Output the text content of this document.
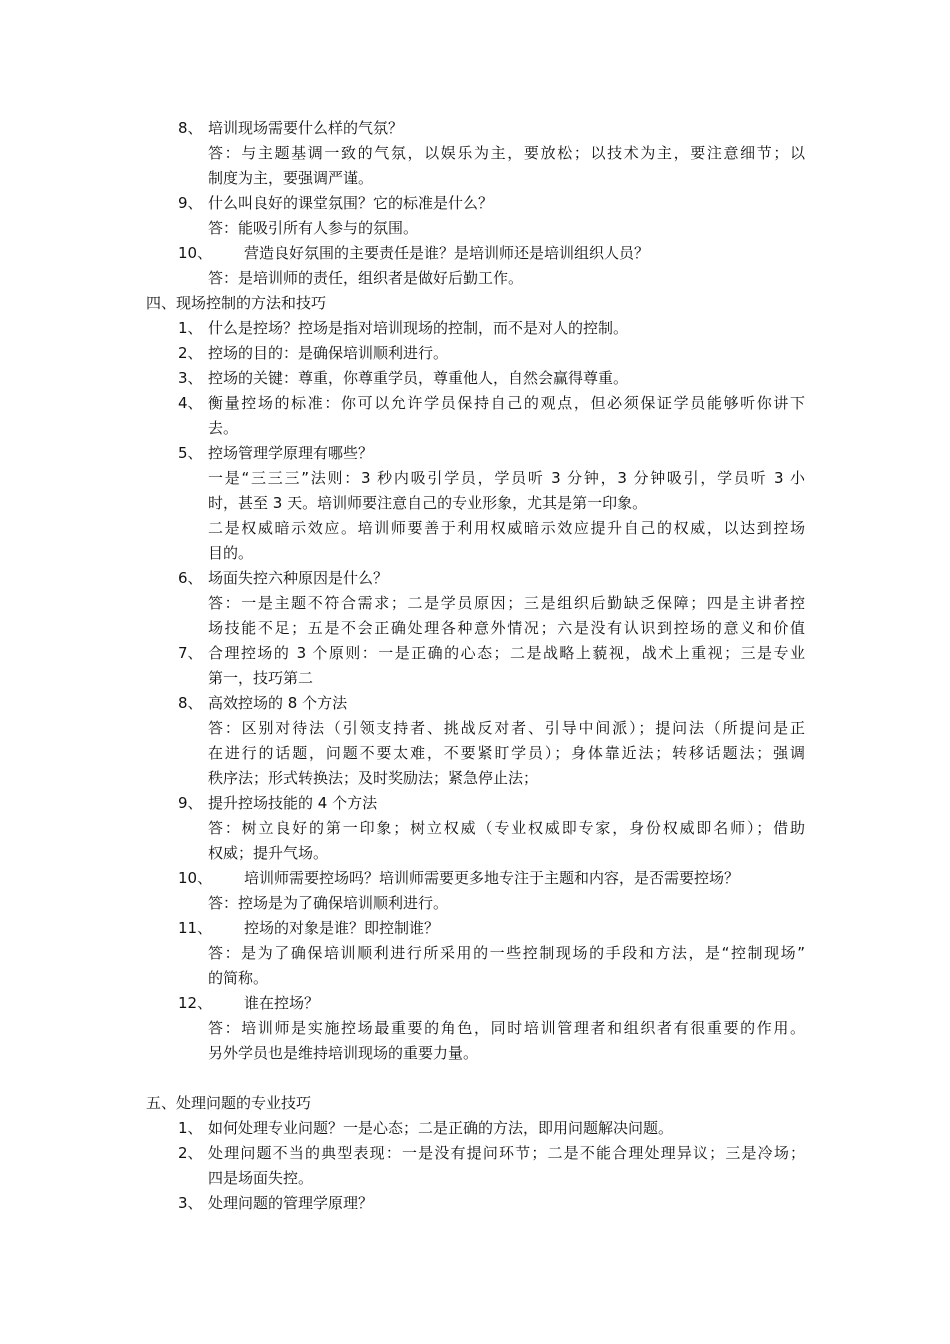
8、 培训现场需要什么样的气氛？
答：与主题基调一致的气氛，以娱乐为主，要放松；以技术为主，要注意细节；以
制度为主，要强调严谨。
9、 什么叫良好的课堂氛围？它的标准是什么？
答：能吸引所有人参与的氛围。
10、 营造良好氛围的主要责任是谁？是培训师还是培训组织人员？
答：是培训师的责任，组织者是做好后勤工作。
四、现场控制的方法和技巧
1、 什么是控场？控场是指对培训现场的控制，而不是对人的控制。
2、 控场的目的：是确保培训顺利进行。
3、 控场的关键：尊重，你尊重学员，尊重他人，自然会赢得尊重。
4、 衡量控场的标准：你可以允许学员保持自己的观点，但必须保证学员能够听你讲下
去。
5、 控场管理学原理有哪些？
一是“三三三”法则：3 秒内吸引学员，学员听 3 分钟，3 分钟吸引，学员听 3 小
时，甚至 3 天。培训师要注意自己的专业形象，尤其是第一印象。
二是权威暗示效应。培训师要善于利用权威暗示效应提升自己的权威，以达到控场
目的。
6、 场面失控六种原因是什么？
答：一是主题不符合需求；二是学员原因；三是组织后勤缺乏保障；四是主讲者控
场技能不足；五是不会正确处理各种意外情况；六是没有认识到控场的意义和价值
7、 合理控场的 3 个原则：一是正确的心态；二是战略上藐视，战术上重视；三是专业
第一，技巧第二
8、 高效控场的 8 个方法
答：区别对待法（引领支持者、挑战反对者、引导中间派）；提问法（所提问是正
在进行的话题，问题不要太难，不要紧盯学员）；身体靠近法；转移话题法；强调
秩序法；形式转换法；及时奖励法；紧急停止法；
9、 提升控场技能的 4 个方法
答：树立良好的第一印象；树立权威（专业权威即专家，身份权威即名师）；借助
权威；提升气场。
10、 培训师需要控场吗？培训师需要更多地专注于主题和内容，是否需要控场？
答：控场是为了确保培训顺利进行。
11、 控场的对象是谁？即控制谁？
答：是为了确保培训顺利进行所采用的一些控制现场的手段和方法，是“控制现场”
的简称。
12、 谁在控场？
答：培训师是实施控场最重要的角色，同时培训管理者和组织者有很重要的作用。
另外学员也是维持培训现场的重要力量。
五、处理问题的专业技巧
1、 如何处理专业问题？一是心态；二是正确的方法，即用问题解决问题。
2、 处理问题不当的典型表现：一是没有提问环节；二是不能合理处理异议；三是冷场；
四是场面失控。
3、 处理问题的管理学原理？
